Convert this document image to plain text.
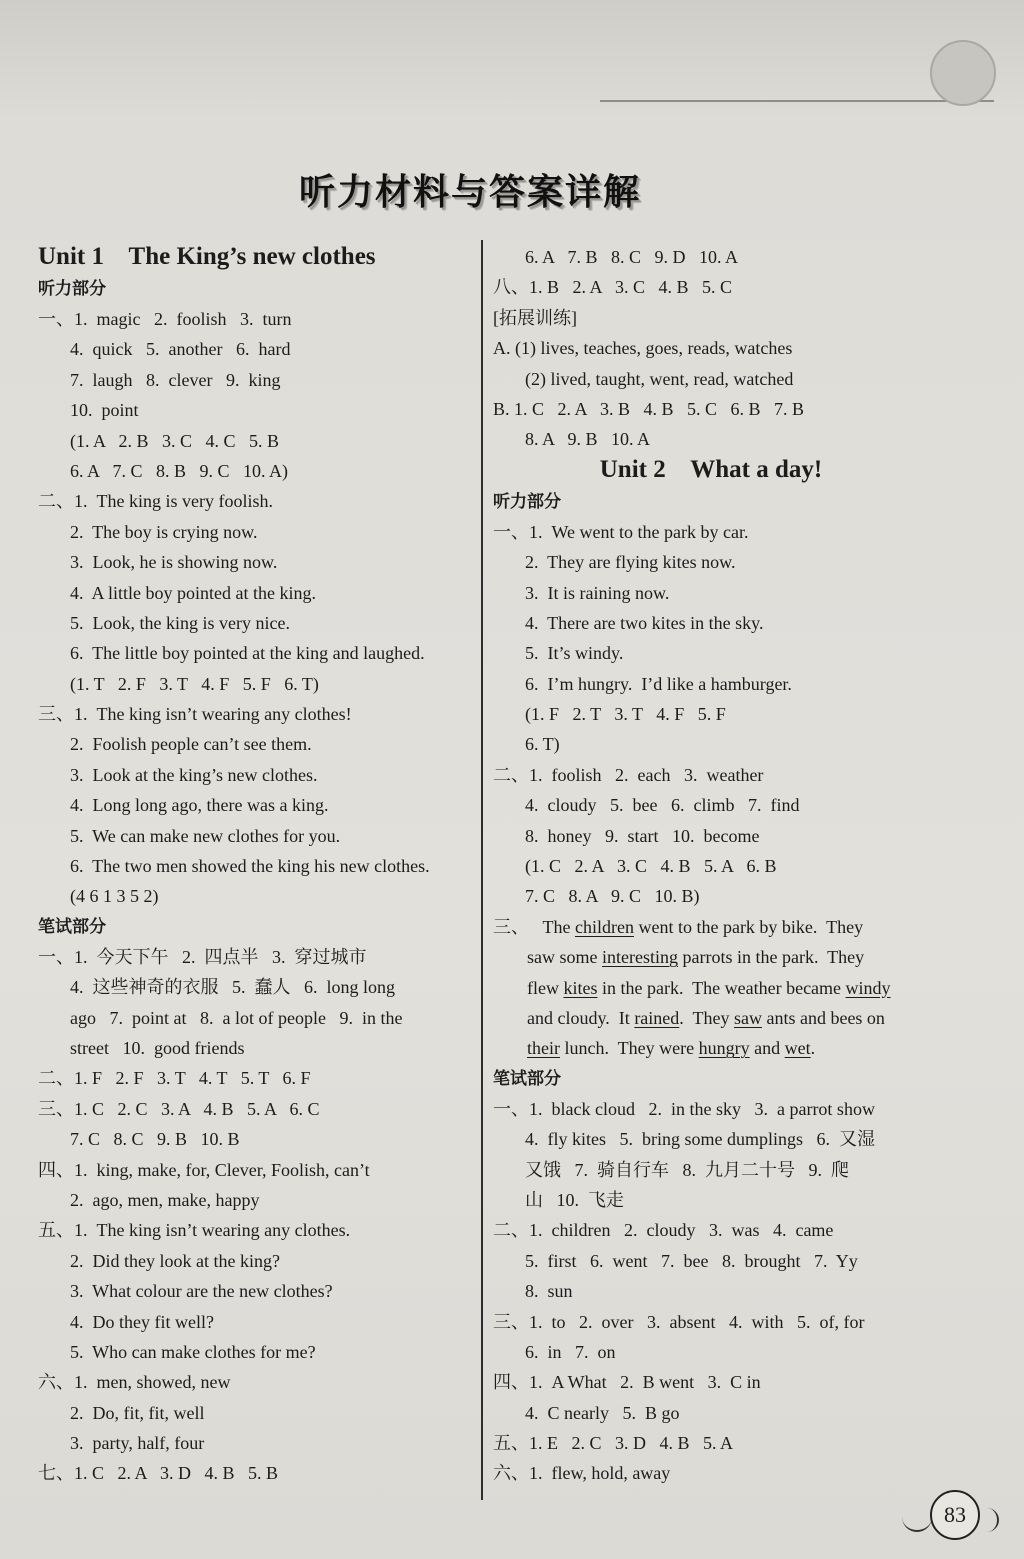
听力材料与答案详解
Unit 1    The King’s new clothes
听力部分
一、1.  magic   2.  foolish   3.  turn
4.  quick   5.  another   6.  hard
7.  laugh   8.  clever   9.  king
10.  point
(1. A   2. B   3. C   4. C   5. B
6. A   7. C   8. B   9. C   10. A)
二、1.  The king is very foolish.
2.  The boy is crying now.
3.  Look, he is showing now.
4.  A little boy pointed at the king.
5.  Look, the king is very nice.
6.  The little boy pointed at the king and laughed.
(1. T   2. F   3. T   4. F   5. F   6. T)
三、1.  The king isn’t wearing any clothes!
2.  Foolish people can’t see them.
3.  Look at the king’s new clothes.
4.  Long long ago, there was a king.
5.  We can make new clothes for you.
6.  The two men showed the king his new clothes.
(4 6 1 3 5 2)
笔试部分
一、1.  今天下午   2.  四点半   3.  穿过城市
4.  这些神奇的衣服   5.  蠢人   6.  long long
ago   7.  point at   8.  a lot of people   9.  in the
street   10.  good friends
二、1. F   2. F   3. T   4. T   5. T   6. F
三、1. C   2. C   3. A   4. B   5. A   6. C
7. C   8. C   9. B   10. B
四、1.  king, make, for, Clever, Foolish, can’t
2.  ago, men, make, happy
五、1.  The king isn’t wearing any clothes.
2.  Did they look at the king?
3.  What colour are the new clothes?
4.  Do they fit well?
5.  Who can make clothes for me?
六、1.  men, showed, new
2.  Do, fit, fit, well
3.  party, half, four
七、1. C   2. A   3. D   4. B   5. B
6. A   7. B   8. C   9. D   10. A
八、1. B   2. A   3. C   4. B   5. C
[拓展训练]
A. (1) lives, teaches, goes, reads, watches
(2) lived, taught, went, read, watched
B. 1. C   2. A   3. B   4. B   5. C   6. B   7. B
8. A   9. B   10. A
Unit 2    What a day!
听力部分
一、1.  We went to the park by car.
2.  They are flying kites now.
3.  It is raining now.
4.  There are two kites in the sky.
5.  It’s windy.
6.  I’m hungry.  I’d like a hamburger.
(1. F   2. T   3. T   4. F   5. F
6. T)
二、1.  foolish   2.  each   3.  weather
4.  cloudy   5.  bee   6.  climb   7.  find
8.  honey   9.  start   10.  become
(1. C   2. A   3. C   4. B   5. A   6. B
7. C   8. A   9. C   10. B)
三、 The children went to the park by bike.  They
saw some interesting parrots in the park.  They
flew kites in the park.  The weather became windy
and cloudy.  It rained.  They saw ants and bees on
their lunch.  They were hungry and wet.
笔试部分
一、1.  black cloud   2.  in the sky   3.  a parrot show
4.  fly kites   5.  bring some dumplings   6.  又湿
又饿   7.  骑自行车   8.  九月二十号   9.  爬
山   10.  飞走
二、1.  children   2.  cloudy   3.  was   4.  came
5.  first   6.  went   7.  bee   8.  brought   7.  Yy
8.  sun
三、1.  to   2.  over   3.  absent   4.  with   5.  of, for
6.  in   7.  on
四、1.  A What   2.  B went   3.  C in
4.  C nearly   5.  B go
五、1. E   2. C   3. D   4. B   5. A
六、1.  flew, hold, away
83
